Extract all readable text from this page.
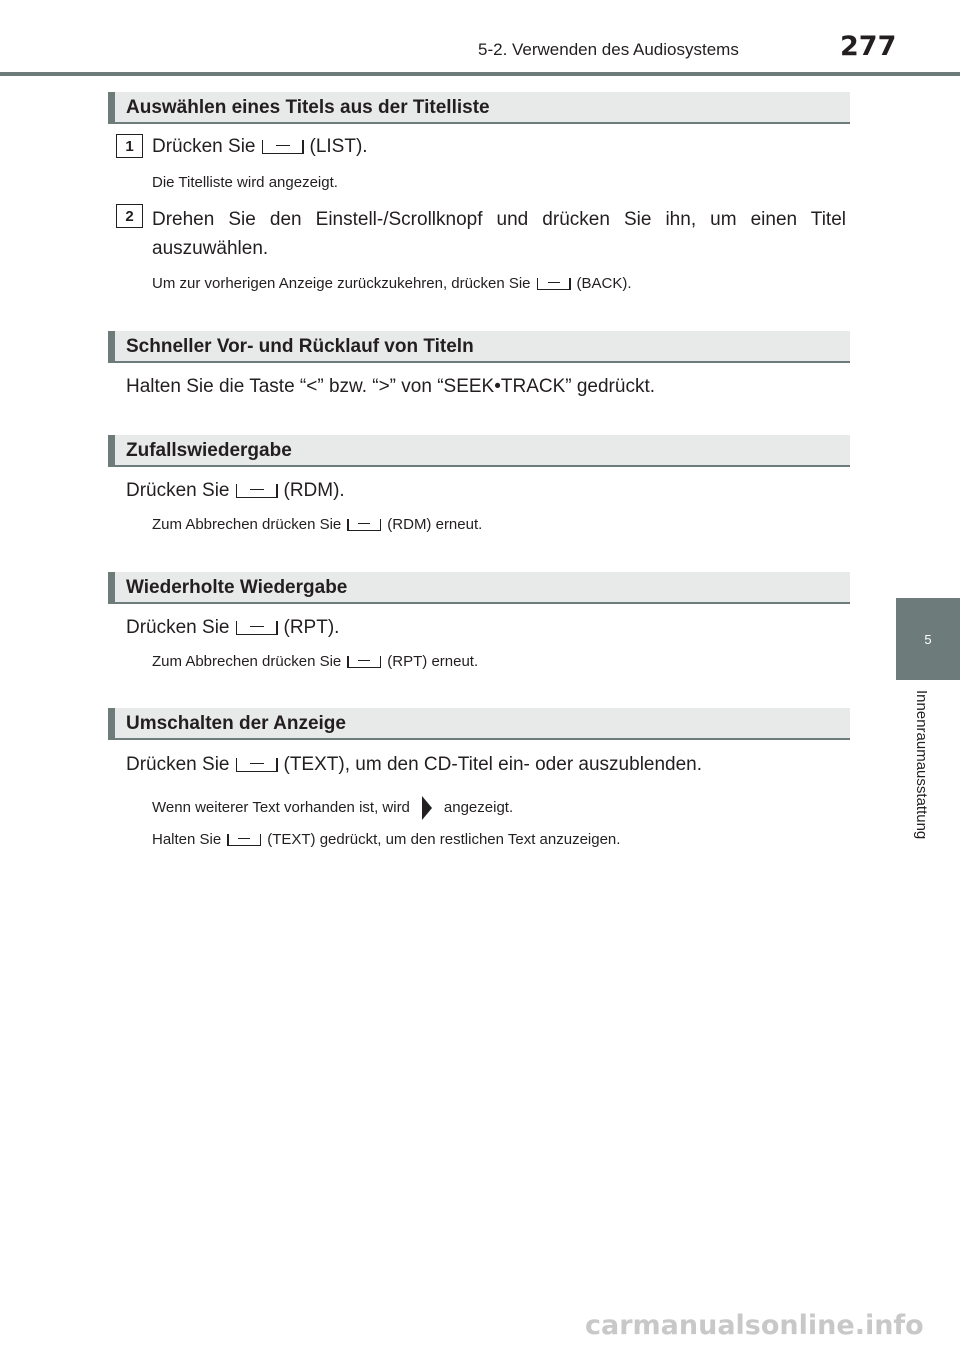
5-2. Verwenden des Audiosystems	277
5
Innenraumausstattung
Auswählen eines Titels aus der Titelliste
1 Drücken Sie	(LIST).
Die Titelliste wird angezeigt.
2 Drehen Sie den Einstell-/Scrollknopf und drücken Sie ihn, um einen Titel auszuwählen.
Um zur vorherigen Anzeige zurückzukehren, drücken Sie	(BACK).
Schneller Vor- und Rücklauf von Titeln
Halten Sie die Taste “<” bzw. “>” von “SEEK•TRACK” gedrückt.
Zufallswiedergabe
Drücken Sie	(RDM).
Zum Abbrechen drücken Sie	(RDM) erneut.
Wiederholte Wiedergabe
Drücken Sie	(RPT).
Zum Abbrechen drücken Sie	(RPT) erneut.
Umschalten der Anzeige
Drücken Sie	(TEXT), um den CD-Titel ein- oder auszublenden.
Wenn weiterer Text vorhanden ist, wird angezeigt.
Halten Sie	(TEXT) gedrückt, um den restlichen Text anzuzeigen.
carmanualsonline.info
